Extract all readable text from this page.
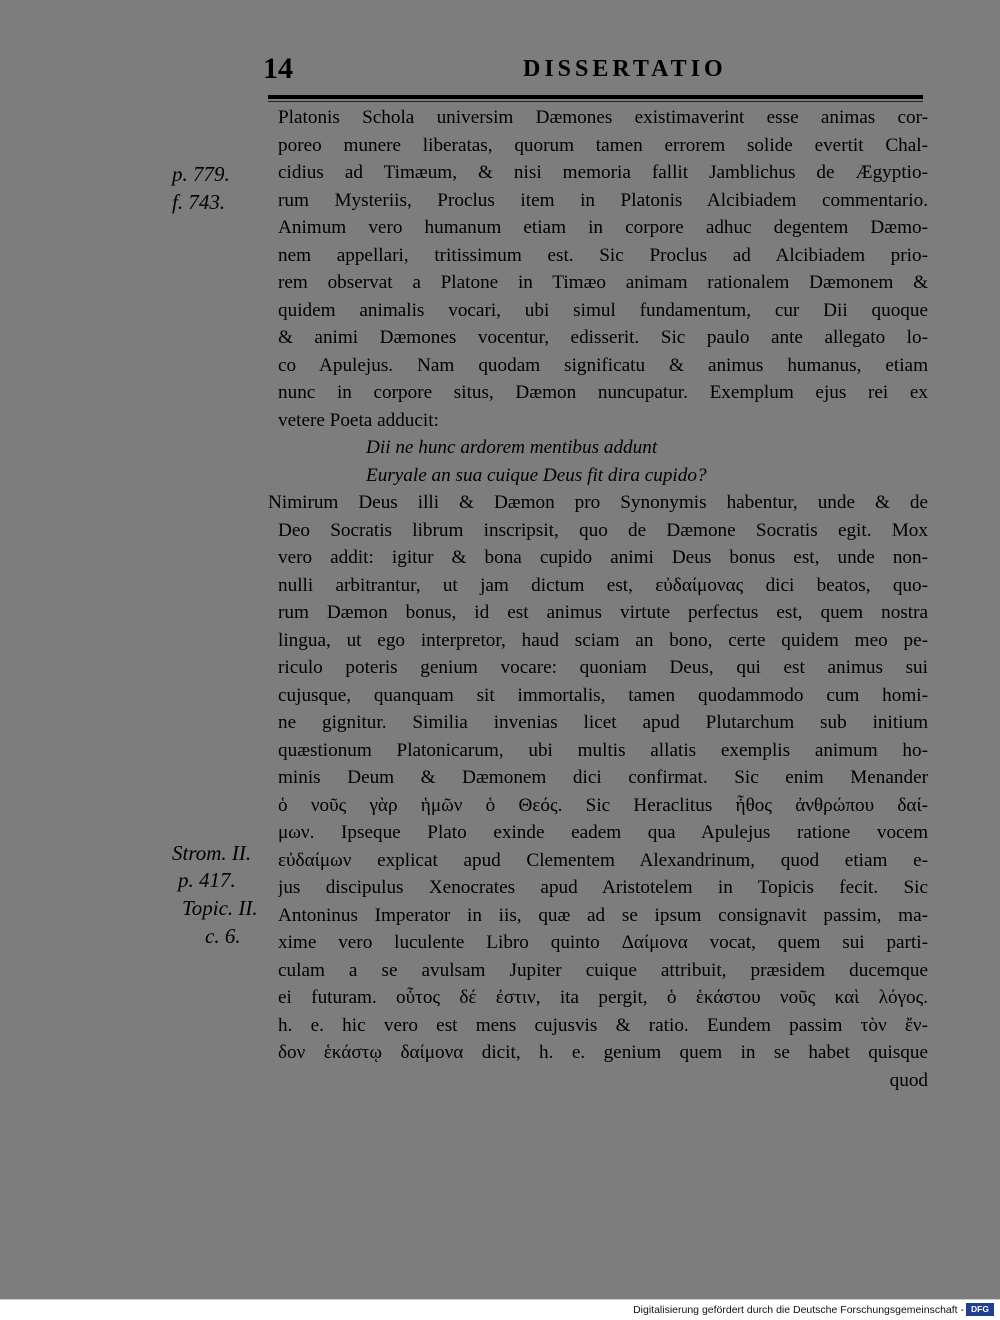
14	DISSERTATIO
p. 779.
f. 743.
Strom. II.
p. 417.
Topic. II.
c. 6.
Platonis Schola universim Dæmones existimaverint esse animas cor-
poreo munere liberatas, quorum tamen errorem solide evertit Chal-
cidius ad Timæum, & nisi memoria fallit Jamblichus de Ægyptio-
rum Mysteriis, Proclus item in Platonis Alcibiadem commentario.
Animum vero humanum etiam in corpore adhuc degentem Dæmo-
nem appellari, tritissimum est. Sic Proclus ad Alcibiadem prio-
rem observat a Platone in Timæo animam rationalem Dæmonem &
quidem animalis vocari, ubi simul fundamentum, cur Dii quoque
& animi Dæmones vocentur, edisserit. Sic paulo ante allegato lo-
co Apulejus. Nam quodam significatu & animus humanus, etiam
nunc in corpore situs, Dæmon nuncupatur. Exemplum ejus rei ex
vetere Poeta adducit:
Dii ne hunc ardorem mentibus addunt
Euryale an sua cuique Deus fit dira cupido?
Nimirum Deus illi & Dæmon pro Synonymis habentur, unde & de
Deo Socratis librum inscripsit, quo de Dæmone Socratis egit. Mox
vero addit: igitur & bona cupido animi Deus bonus est, unde non-
nulli arbitrantur, ut jam dictum est, εὐδαίμονας dici beatos, quo-
rum Dæmon bonus, id est animus virtute perfectus est, quem nostra
lingua, ut ego interpretor, haud sciam an bono, certe quidem meo pe-
riculo poteris genium vocare: quoniam Deus, qui est animus sui
cujusque, quanquam sit immortalis, tamen quodammodo cum homi-
ne gignitur. Similia invenias licet apud Plutarchum sub initium
quæstionum Platonicarum, ubi multis allatis exemplis animum ho-
minis Deum & Dæmonem dici confirmat. Sic enim Menander
ὁ νοῦς γὰρ ἡμῶν ὁ Θεός. Sic Heraclitus ἦθος ἀνθρώπου δαί-
μων. Ipseque Plato exinde eadem qua Apulejus ratione vocem
εὐδαίμων explicat apud Clementem Alexandrinum, quod etiam e-
jus discipulus Xenocrates apud Aristotelem in Topicis fecit. Sic
Antoninus Imperator in iis, quæ ad se ipsum consignavit passim, ma-
xime vero luculente Libro quinto Δαίμονα vocat, quem sui parti-
culam a se avulsam Jupiter cuique attribuit, præsidem ducemque
ei futuram. οὗτος δέ ἐστιν, ita pergit, ὁ ἑκάστου νοῦς καὶ λόγος.
h. e. hic vero est mens cujusvis & ratio. Eundem passim τὸν ἔν-
δον ἑκάστῳ δαίμονα dicit, h. e. genium quem in se habet quisque
quod
Digitalisierung gefördert durch die Deutsche Forschungsgemeinschaft - DFG
